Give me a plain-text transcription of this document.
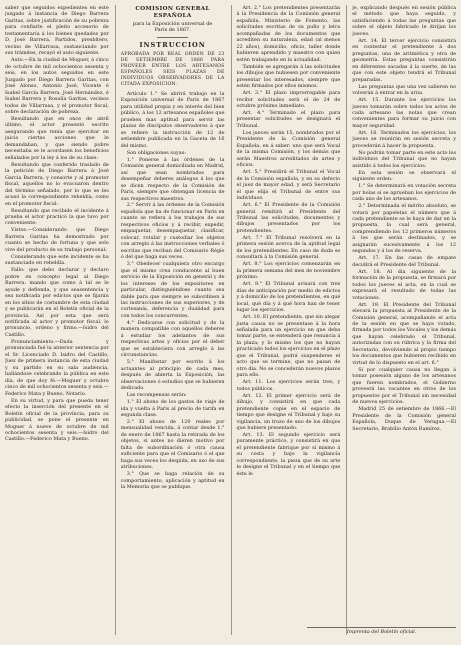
saber que seguidos expedientes en este juzgado á instancia de Diego Barrera Garitas, sobre justificación de su pobreza para confiarle el pleito accesorio de testamentaría á los bienes quedados por D. José Barrera, Partidos, presbítero, vecino de Villarrasa, sustanciando por sus trámites, recayó el auto siguiente.

Auto.—En la ciudad de Moguer, á cinco de octubre de mil ochocientos sesenta y seis, en los autos seguidos en este Juzgado por Diego Barrera Garitas, con José Alonso, Antonio José, Vicente é Isabel García Barrera, José Hernández, é Isabel Barrera y Rosalía Garitas, vecinos todos de Villarrasa, y el promotor fiscal, sobre declaración de pobreza.

Resultando que en once de abril último, el actor presentó escrito asegurando que tenía que ejercitar en juicio ciertas acciones que le demandaban, y que siendo pobre necesitaba se le acordasen los beneficios señalados por la ley á los de su clase:

Resultando que conferido traslado de la petición de Diego Barrera á José García Barrera, y consorte y al promotor fiscal, aquellos no lo evacuaron dentro del término señalado, por lo que se les acusó la correspondiente rebeldía, como en el promotor fiscal:

Resultando que recibido el incidente á prueba el actor practicó la que tuvo por conveniente:

Vistos.—Considerando que Diego Barrera Garitas ha demostrado por cuanto se hecho de fortuna y que solo vive del producto de su trabajo personal:

Considerando que este incidente se ha sustanciado en rebeldía.

Fallo: que debo declarar y declaro pobre en concepto legal al Diego Barrera: mando que como á tal se le ayude y defienda, y que seasentencia y sea notificada por edictos que se fijarán en los sitios de costumbre de esta ciudad y se publicarán en el Boletín oficial de la provincia. Así por esta que será notificada al actor y promotor fiscal, lo pronuncio, ordeno y firmo.—Isidro del Castillo.

Pronunciamiento.—Dada y pronunciada fué la anterior sentencia por el Sr. Licenciado D. Isidro del Castillo, Juez de primera instancia de esta ciudad y su partido en su sala audiencia, hallándose celebrando la pública en este día, de que doy fé.—Moguer y octubre cinco de mil ochocientos sesenta y seis.—Federico Mata y Bueno, Notario.

En su virtud, y para que pueda tener efecto la inserción del presente en el Boletín oficial de la provincia, para su publicidad, se pone el presente en Moguer á nueve de octubre de mil ochocientos sesenta y seis.—Isidro del Castillo.—Federico Mata y Bueno.

COMISION GENERAL ESPAÑOLA
para la Exposición universal de
París de 1867.
INSTRUCCION
APROBADA POR REAL ORDEN DE 23 DE SETIEMBRE DE 1866 PARA PROVEER ENTRE LOS ARTESANOS ESPAÑOLES SEIS PLAZAS DE INDIVIDUOS OBSERVADORES DE LA CITADA EXPOSICION.

Artículo 1.° Se abrirá trabajo en la Exposición universal de París de 1867 para utilidad propia y en interés del bien público, á los 12 artesanos españoles que prueben mas aptitud para servir las plazas de discípulos observadores á que se refiere la instrucción de 12 de setiembre publicada en la Gaceta de 16 del mismo.

Son obligaciones suyas:

1.° Ponerse á las órdenes de la Comisión general domiciliada en Madrid, así que sean nombrados para desempeñar deberes análogos á los que se dicen respecto de la Comisión de París, siempre que obtengan licencia de sus respectivos maestros.

2.° Servir á las órdenes de la Comisión española que ha de funcionar en París en cuanto se refiera á los trabajos de sus respectivos oficios y á recibir, expedir, empaquetar, desempaquetar, clasificar, colocar, rotular y custodiar los objetos con arreglo á las instrucciones verbales ó escritas que reciban del Comisario Régio ó del que haga sus veces.

3.° Obedecer cualquiera otro encargo que el mismo crea conducente al buen servicio de la Exposición en general y de los intereses de los expositores en particular, distinguiéndose cuanto sea dable para que siempre se subordinen á las instrucciones de sus superiores, y de cortesanía, deferencia y dualidad para con todos los concurrentes.

4.° Dedicarse con solicitud y de la manera compatible con aquellos deberes á estudiar los adelantos de sus respectivas artes y oficios por el deber que se estableciera con arreglo á las circunstancias.

5.° Manifestar por escrito á los actuantes al principio de cada mes, después de abierta la Exposición, las observaciones ó estudios que se hubieren dedicado.

Las recompensas serán:

1.° El abono de los gastos de viaje de ida y vuelta á París al precio de tarifa en segunda clase.

2.° El abono de 120 reales por mensualidad vencida, á contar desde 1.° de enero de 1867 hasta la retirada de los objetos, si antes no dieren motivo por falta de subordinación ó otra causa suficiente para que el Comisario ó el que haga sus veces los despida, en uso de sus atribuciones.

3.° Que se haga relación de su comportamiento, aplicación y aptitud en la Memoria que se publique.

Art. 2.° Los pretendientes presentarán á la Presidencia de la Comisión general española, Ministerio de Fomento, las solicitudes escritas de su puño y letra acompañadas de los documentos que acrediten su naturaleza, edad (al menos 22 años), domicilio, oficio, taller donde hubieren aprendido y maestro con quien estén trabajando en la actualidad.

También se agregarán á las solicitudes los dibujos que hubiesen por conveniente presentar los interesados, siempre que estén firmados por ellos mismos.

Art. 3.° El plazo improrrogable para recibir solicitudes será el de 24 de octubre próximo inmediato.

Art. 4.° Terminado el plazo para presentar solicitudes se designará el Tribunal.

Los jueces serán 15, nombrados por el Presidente de la Comisión general Española, en á saber: uno que será Vocal de la misma Comisión, y los demás que serán Maestros acreditados de artes y oficios.

Art. 5.° Presidirá el Tribunal el Vocal de la Comisión española, y en su defecto el juez de mayor edad, y será Secretario el que elija el Tribunal de entre sus individuos.

Art. 6.° El Presidente de la Comisión general remitirá al Presidente del Tribunal las solicitudes, documentos y dibujos presentados por los pretendientes.

Art. 7.° El Tribunal resolverá en la primera sesión acerca de la aptitud legal de los pretendientes. En caso de duda se consultará á la Comisión general.

Art. 8.° Los ejercicios comenzarán en la primera semana del mes de noviembre próximo.

Art. 9.° El Tribunal avisará con tres días de anticipación por medio de edictos y á domicilio de los pretendientes, en qué local, qué día y á qué hora han de tener lugar los ejercicios.

Art. 10. El pretendiente, que sin alegar justa causa no se presentase á la hora señalada para un ejercicio en que deba tomar parte, se entenderá que renuncia á la plaza; y lo mismo los que no hayan practicado todos los ejercicios en el plazo que el Tribunal, podrá suspenderse el acto que se termine, que no pasan de otro día. No se concederán nuevos plazos para ello.

Art. 11. Los ejercicios serán tres, y todos públicos.

Art. 12. El primer ejercicio será de dibujo, y consistirá en que cada pretendiente copie en el espacio de tiempo que designe el Tribunal y bajo su vigilancia, un trozo de uno de los dibujos que hubiere presentado.

Art. 13. El segundo ejercicio será puramente práctico, y consistirá en que el pretendiente fabrique por sí mismo á su costa y bajo la vigilancia correspondiente, la pieza que de su arte le designe el Tribunal y en el tiempo que éste le

je, explicando después en sesión pública el método que haya seguido, y satisfaciendo á todas las preguntas que sobre el objeto fabricado le dirijan los jueces.

Art. 14. El tercer ejercicio consistirá en contestar el pretendiente á dos preguntas, una de aritmética y otra de geometría. Estas preguntas consistirán en diferentes sacadas á la suerte, de las que con este objeto tendrá el Tribunal preparadas.

Las preguntas que una vez salieren no volverán á entrar en la urna.

Art. 15. Durante los ejercicios los jueces tomarán sobre todos los actos de cada artesano las notas que crean convenientes para formar su juicio con mayor seguridad.

Art. 16. Terminados los ejercicios, los jueces se reunirán en sesión secreta y procederán á hacer la propuesta.

No podrán tomar parte en este acto los individuos del Tribunal que no hayan asistido á todos los ejercicios.

En esta sesión se observará el siguiente orden:

1.° Se determinará en votación secreta por bolas si se aprueban los ejercicios de cada uno de los artesanos.

2.° Determinada el mérito absoluto, se votará por papeletas el número que á cada pretendiente se le haya de dar en la propuesta, la cual será general, comprendiendo los 12 primeros números á los que serán destinados, y se asignarán sucesivamente á los 12 segundos y á los de reserva.

Art. 17. En las casas de empate decidirá el Presidente del Tribunal.

Art. 18. Al día siguiente de la formación de la propuesta, se firmará por todos los jueces el acta, en la cual se expresará el resultado de todas las votaciones.

Art. 19. El Presidente del Tribunal elevará la propuesta al Presidente de la Comisión general, acompañando el acta de la sesión en que se haya votado, firmada por todos los Vocales y los demás que hayan celebrado el Tribunal, autorizadas con su rúbrica y la firma del Secretario, devolviendo al propio tiempo los documentos que hubieren recibido en virtud de lo dispuesto en el art. 6.°

Si por cualquier causa no llegan á tomar posesión alguno de los artesanos que fueren nombrados, el Gobierno proveerá las vacantes en otros de los propuestos por el Tribunal sin necesidad de nuevos ejercicios.

Madrid 25 de setiembre de 1866.—El Presidente de la Comisión general Española, Duque de Veragua.—El Secretario, Brabilio Antón Ramírez.

Imprenta del Boletín oficial.
